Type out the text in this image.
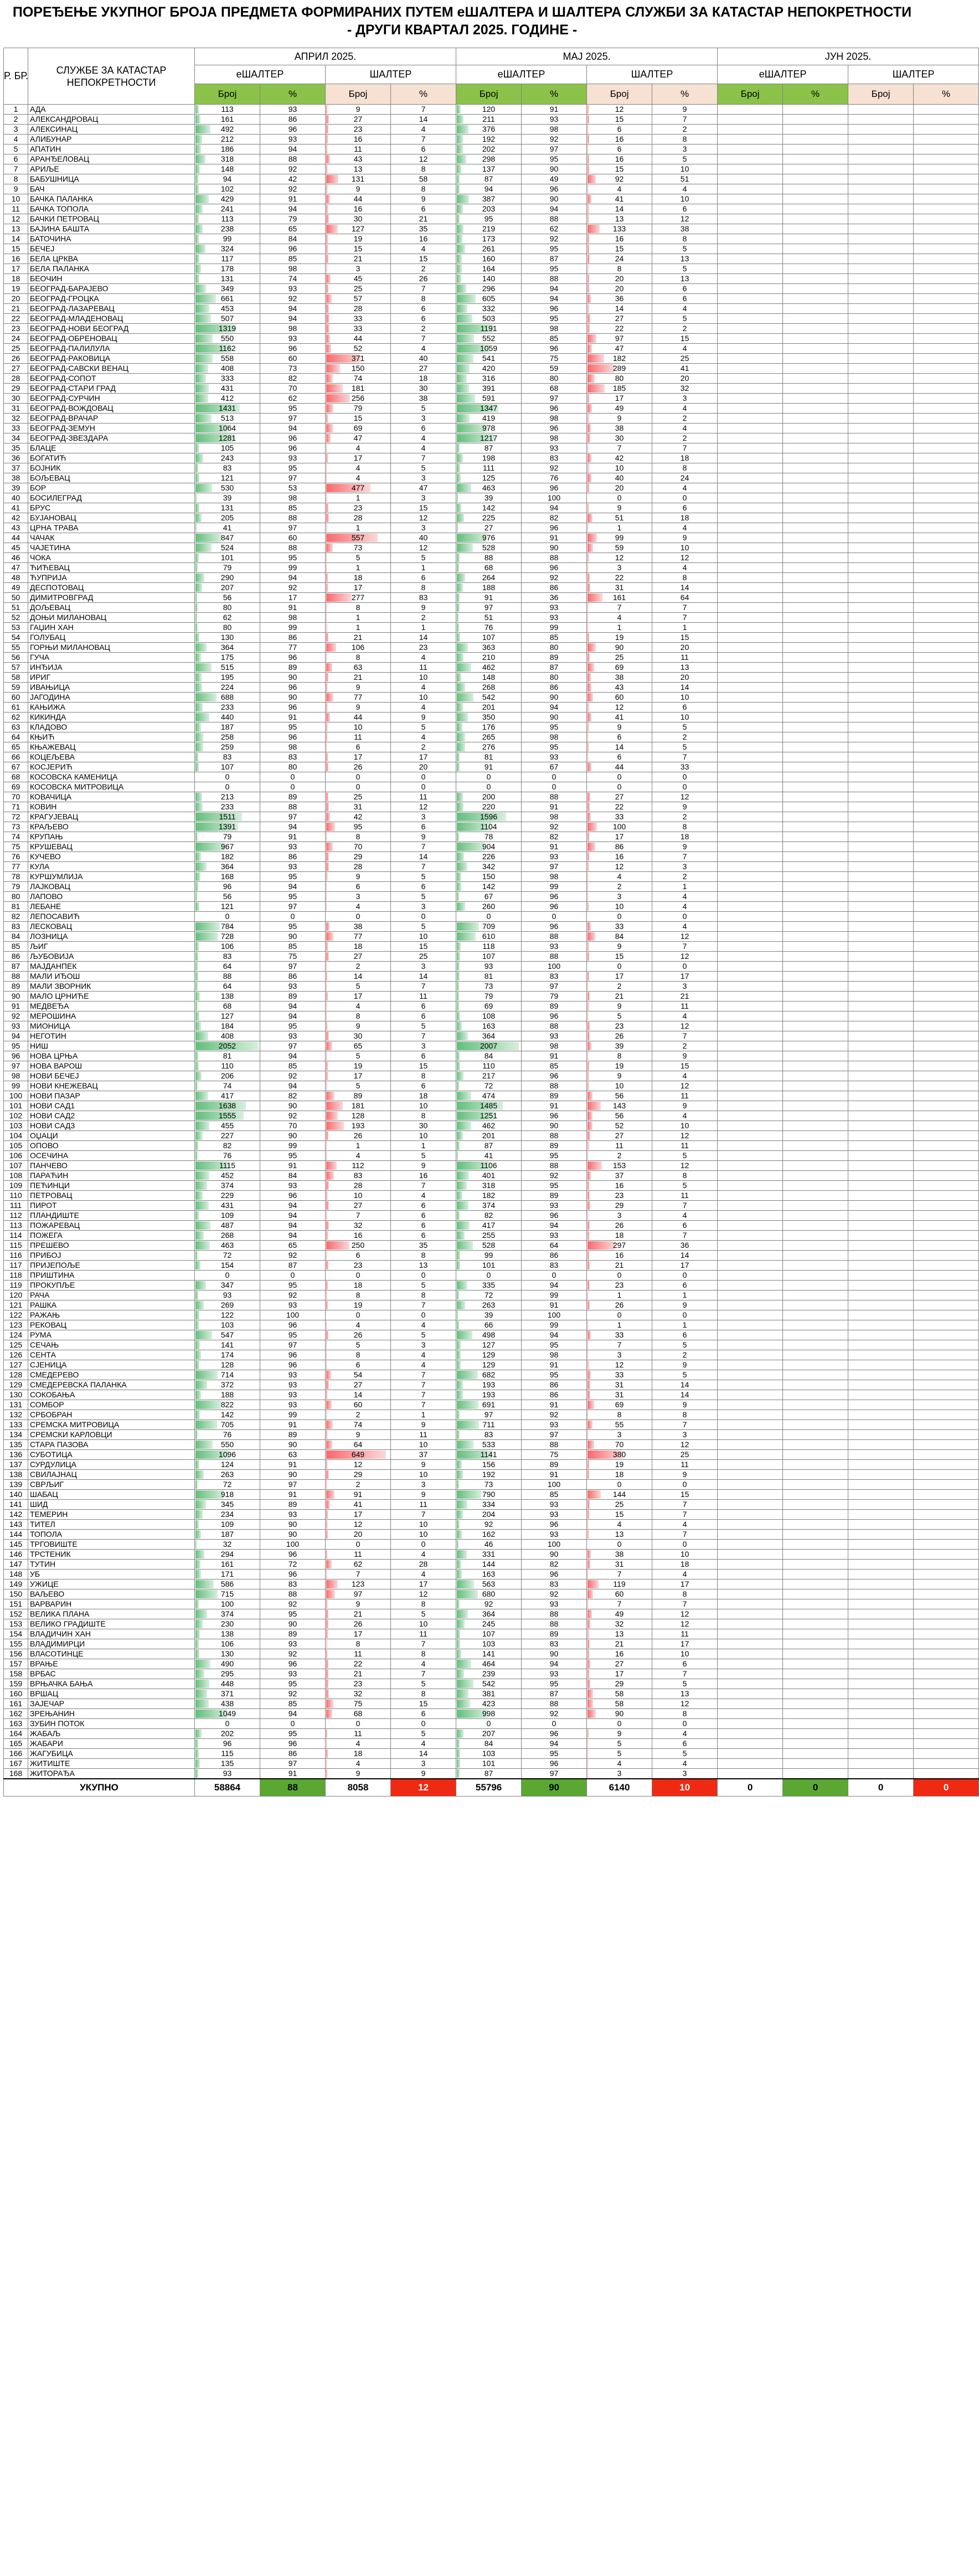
ПОРЕЂЕЊЕ УКУПНОГ БРОЈА ПРЕДМЕТА ФОРМИРАНИХ ПУТЕМ еШАЛТЕРА И ШАЛТЕРА СЛУЖБИ ЗА КАТАСТАР НЕПОКРЕТНОСТИ
- ДРУГИ КВАРТАЛ 2025. ГОДИНЕ -
Р. БР.	СЛУЖБЕ ЗА КАТАСТАР НЕПОКРЕТНОСТИ	АПРИЛ 2025.				МАЈ 2025.				ЈУН 2025.			
		еШАЛТЕР		ШАЛТЕР		еШАЛТЕР		ШАЛТЕР		еШАЛТЕР		ШАЛТЕР	
		Број	%	Број	%	Број	%	Број	%	Број	%	Број	%
1	АДА	113	93	9	7	120	91	12	9				
2	АЛЕКСАНДРОВАЦ	161	86	27	14	211	93	15	7				
3	АЛЕКСИНАЦ	492	96	23	4	376	98	6	2				
4	АЛИБУНАР	212	93	16	7	192	92	16	8				
5	АПАТИН	186	94	11	6	202	97	6	3				
6	АРАНЂЕЛОВАЦ	318	88	43	12	298	95	16	5				
7	АРИЉЕ	148	92	13	8	137	90	15	10				
8	БАБУШНИЦА	94	42	131	58	87	49	92	51				
9	БАЧ	102	92	9	8	94	96	4	4				
10	БАЧКА ПАЛАНКА	429	91	44	9	387	90	41	10				
11	БАЧКА ТОПОЛА	241	94	16	6	203	94	14	6				
12	БАЧКИ ПЕТРОВАЦ	113	79	30	21	95	88	13	12				
13	БАЈИНА БАШТА	238	65	127	35	219	62	133	38				
14	БАТОЧИНА	99	84	19	16	173	92	16	8				
15	БЕЧЕЈ	324	96	15	4	261	95	15	5				
16	БЕЛА ЦРКВА	117	85	21	15	160	87	24	13				
17	БЕЛА ПАЛАНКА	178	98	3	2	164	95	8	5				
18	БЕОЧИН	131	74	45	26	140	88	20	13				
19	БЕОГРАД-БАРАЈЕВО	349	93	25	7	296	94	20	6				
20	БЕОГРАД-ГРОЦКА	661	92	57	8	605	94	36	6				
21	БЕОГРАД-ЛАЗАРЕВАЦ	453	94	28	6	332	96	14	4				
22	БЕОГРАД-МЛАДЕНОВАЦ	507	94	33	6	503	95	27	5				
23	БЕОГРАД-НОВИ БЕОГРАД	1319	98	33	2	1191	98	22	2				
24	БЕОГРАД-ОБРЕНОВАЦ	550	93	44	7	552	85	97	15				
25	БЕОГРАД-ПАЛИЛУЛА	1162	96	52	4	1059	96	47	4				
26	БЕОГРАД-РАКОВИЦА	558	60	371	40	541	75	182	25				
27	БЕОГРАД-САВСКИ ВЕНАЦ	408	73	150	27	420	59	289	41				
28	БЕОГРАД-СОПОТ	333	82	74	18	316	80	80	20				
29	БЕОГРАД-СТАРИ ГРАД	431	70	181	30	391	68	185	32				
30	БЕОГРАД-СУРЧИН	412	62	256	38	591	97	17	3				
31	БЕОГРАД-ВОЖДОВАЦ	1431	95	79	5	1347	96	49	4				
32	БЕОГРАД-ВРАЧАР	513	97	15	3	419	98	9	2				
33	БЕОГРАД-ЗЕМУН	1064	94	69	6	978	96	38	4				
34	БЕОГРАД-ЗВЕЗДАРА	1281	96	47	4	1217	98	30	2				
35	БЛАЦЕ	105	96	4	4	87	93	7	7				
36	БОГАТИЋ	243	93	17	7	198	83	42	18				
37	БОЈНИК	83	95	4	5	111	92	10	8				
38	БОЉЕВАЦ	121	97	4	3	125	76	40	24				
39	БОР	530	53	477	47	463	96	20	4				
40	БОСИЛЕГРАД	39	98	1	3	39	100	0	0				
41	БРУС	131	85	23	15	142	94	9	6				
42	БУЈАНОВАЦ	205	88	28	12	225	82	51	18				
43	ЦРНА ТРАВА	41	97	1	3	27	96	1	4				
44	ЧАЧАК	847	60	557	40	976	91	99	9				
45	ЧАЈЕТИНА	524	88	73	12	528	90	59	10				
46	ЧОКА	101	95	5	5	88	88	12	12				
47	ЋИЋЕВАЦ	79	99	1	1	68	96	3	4				
48	ЋУПРИЈА	290	94	18	6	264	92	22	8				
49	ДЕСПОТОВАЦ	207	92	17	8	188	86	31	14				
50	ДИМИТРОВГРАД	56	17	277	83	91	36	161	64				
51	ДОЉЕВАЦ	80	91	8	9	97	93	7	7				
52	ДОЊИ МИЛАНОВАЦ	62	98	1	2	51	93	4	7				
53	ГАЏИН ХАН	80	99	1	1	76	99	1	1				
54	ГОЛУБАЦ	130	86	21	14	107	85	19	15				
55	ГОРЊИ МИЛАНОВАЦ	364	77	106	23	363	80	90	20				
56	ГУЧА	175	96	8	4	210	89	25	11				
57	ИНЂИЈА	515	89	63	11	462	87	69	13				
58	ИРИГ	195	90	21	10	148	80	38	20				
59	ИВАЊИЦА	224	96	9	4	268	86	43	14				
60	ЈАГОДИНА	688	90	77	10	542	90	60	10				
61	КАЊИЖА	233	96	9	4	201	94	12	6				
62	КИКИНДА	440	91	44	9	350	90	41	10				
63	КЛАДОВО	187	95	10	5	176	95	9	5				
64	КЊИЋ	258	96	11	4	265	98	6	2				
65	КЊАЖЕВАЦ	259	98	6	2	276	95	14	5				
66	КОЦЕЉЕВА	83	83	17	17	81	93	6	7				
67	КОСЈЕРИЋ	107	80	26	20	91	67	44	33				
68	КОСОВСКА КАМЕНИЦА	0	0	0	0	0	0	0	0				
69	КОСОВСКА МИТРОВИЦА	0	0	0	0	0	0	0	0				
70	КОВАЧИЦА	213	89	25	11	200	88	27	12				
71	КОВИН	233	88	31	12	220	91	22	9				
72	КРАГУЈЕВАЦ	1511	97	42	3	1596	98	33	2				
73	КРАЉЕВО	1391	94	95	6	1104	92	100	8				
74	КРУПАЊ	79	91	8	9	78	82	17	18				
75	КРУШЕВАЦ	967	93	70	7	904	91	86	9				
76	КУЧЕВО	182	86	29	14	226	93	16	7				
77	КУЛА	364	93	28	7	342	97	12	3				
78	КУРШУМЛИЈА	168	95	9	5	150	98	4	2				
79	ЛАЈКОВАЦ	96	94	6	6	142	99	2	1				
80	ЛАПОВО	56	95	3	5	67	96	3	4				
81	ЛЕБАНЕ	121	97	4	3	260	96	10	4				
82	ЛЕПОСАВИЋ	0	0	0	0	0	0	0	0				
83	ЛЕСКОВАЦ	784	95	38	5	709	96	33	4				
84	ЛОЗНИЦА	728	90	77	10	610	88	84	12				
85	ЉИГ	106	85	18	15	118	93	9	7				
86	ЉУБОВИЈА	83	75	27	25	107	88	15	12				
87	МАЈДАНПЕК	64	97	2	3	93	100	0	0				
88	МАЛИ ИЂОШ	88	86	14	14	81	83	17	17				
89	МАЛИ ЗВОРНИК	64	93	5	7	73	97	2	3				
90	МАЛО ЦРНИЋЕ	138	89	17	11	79	79	21	21				
91	МЕДВЕЂА	68	94	4	6	69	89	9	11				
92	МЕРОШИНА	127	94	8	6	108	96	5	4				
93	МИОНИЦА	184	95	9	5	163	88	23	12				
94	НЕГОТИН	408	93	30	7	364	93	26	7				
95	НИШ	2052	97	65	3	2007	98	39	2				
96	НОВА ЦРЊА	81	94	5	6	84	91	8	9				
97	НОВА ВАРОШ	110	85	19	15	110	85	19	15				
98	НОВИ БЕЧЕЈ	206	92	17	8	217	96	9	4				
99	НОВИ КНЕЖЕВАЦ	74	94	5	6	72	88	10	12				
100	НОВИ ПАЗАР	417	82	89	18	474	89	56	11				
101	НОВИ САД1	1638	90	181	10	1485	91	143	9				
102	НОВИ САД2	1555	92	128	8	1251	96	56	4				
103	НОВИ САД3	455	70	193	30	462	90	52	10				
104	ОЏАЦИ	227	90	26	10	201	88	27	12				
105	ОПОВО	82	99	1	1	87	89	11	11				
106	ОСЕЧИНА	76	95	4	5	41	95	2	5				
107	ПАНЧЕВО	1115	91	112	9	1106	88	153	12				
108	ПАРАЋИН	452	84	83	16	401	92	37	8				
109	ПЕЋИНЦИ	374	93	28	7	318	95	16	5				
110	ПЕТРОВАЦ	229	96	10	4	182	89	23	11				
111	ПИРОТ	431	94	27	6	374	93	29	7				
112	ПЛАНДИШТЕ	109	94	7	6	82	96	3	4				
113	ПОЖАРЕВАЦ	487	94	32	6	417	94	26	6				
114	ПОЖЕГА	268	94	16	6	255	93	18	7				
115	ПРЕШЕВО	463	65	250	35	528	64	297	36				
116	ПРИБОЈ	72	92	6	8	99	86	16	14				
117	ПРИЈЕПОЉЕ	154	87	23	13	101	83	21	17				
118	ПРИШТИНА	0	0	0	0	0	0	0	0				
119	ПРОКУПЉЕ	347	95	18	5	335	94	23	6				
120	РАЧА	93	92	8	8	72	99	1	1				
121	РАШКА	269	93	19	7	263	91	26	9				
122	РАЖАЊ	122	100	0	0	39	100	0	0				
123	РЕКОВАЦ	103	96	4	4	66	99	1	1				
124	РУМА	547	95	26	5	498	94	33	6				
125	СЕЧАЊ	141	97	5	3	127	95	7	5				
126	СЕНТА	174	96	8	4	129	98	3	2				
127	СЈЕНИЦА	128	96	6	4	129	91	12	9				
128	СМЕДЕРЕВО	714	93	54	7	682	95	33	5				
129	СМЕДЕРЕВСКА ПАЛАНКА	372	93	27	7	193	86	31	14				
130	СОКОБАЊА	188	93	14	7	193	86	31	14				
131	СОМБОР	822	93	60	7	691	91	69	9				
132	СРБОБРАН	142	99	2	1	97	92	8	8				
133	СРЕМСКА МИТРОВИЦА	705	91	74	9	711	93	55	7				
134	СРЕМСКИ КАРЛОВЦИ	76	89	9	11	83	97	3	3				
135	СТАРА ПАЗОВА	550	90	64	10	533	88	70	12				
136	СУБОТИЦА	1096	63	649	37	1141	75	380	25				
137	СУРДУЛИЦА	124	91	12	9	156	89	19	11				
138	СВИЛАЈНАЦ	263	90	29	10	192	91	18	9				
139	СВРЉИГ	72	97	2	3	73	100	0	0				
140	ШАБАЦ	918	91	91	9	790	85	144	15				
141	ШИД	345	89	41	11	334	93	25	7				
142	ТЕМЕРИН	234	93	17	7	204	93	15	7				
143	ТИТЕЛ	109	90	12	10	92	96	4	4				
144	ТОПОЛА	187	90	20	10	162	93	13	7				
145	ТРГОВИШТЕ	32	100	0	0	46	100	0	0				
146	ТРСТЕНИК	294	96	11	4	331	90	38	10				
147	ТУТИН	161	72	62	28	144	82	31	18				
148	УБ	171	96	7	4	163	96	7	4				
149	УЖИЦЕ	586	83	123	17	563	83	119	17				
150	ВАЉЕВО	715	88	97	12	680	92	60	8				
151	ВАРВАРИН	100	92	9	8	92	93	7	7				
152	ВЕЛИКА ПЛАНА	374	95	21	5	364	88	49	12				
153	ВЕЛИКО ГРАДИШТЕ	230	90	26	10	245	88	32	12				
154	ВЛАДИЧИН ХАН	138	89	17	11	107	89	13	11				
155	ВЛАДИМИРЦИ	106	93	8	7	103	83	21	17				
156	ВЛАСОТИНЦЕ	130	92	11	8	141	90	16	10				
157	ВРАЊЕ	490	96	22	4	464	94	27	6				
158	ВРБАС	295	93	21	7	239	93	17	7				
159	ВРЊАЧКА БАЊА	448	95	23	5	542	95	29	5				
160	ВРШАЦ	371	92	32	8	381	87	58	13				
161	ЗАЈЕЧАР	438	85	75	15	423	88	58	12				
162	ЗРЕЊАНИН	1049	94	68	6	998	92	90	8				
163	ЗУБИН ПОТОК	0	0	0	0	0	0	0	0				
164	ЖАБАЉ	202	95	11	5	207	96	9	4				
165	ЖАБАРИ	96	96	4	4	84	94	5	6				
166	ЖАГУБИЦА	115	86	18	14	103	95	5	5				
167	ЖИТИШТЕ	135	97	4	3	101	96	4	4				
168	ЖИТОРАЂА	93	91	9	9	87	97	3	3				
УКУПНО		58864	88	8058	12	55796	90	6140	10	0	0	0	0
